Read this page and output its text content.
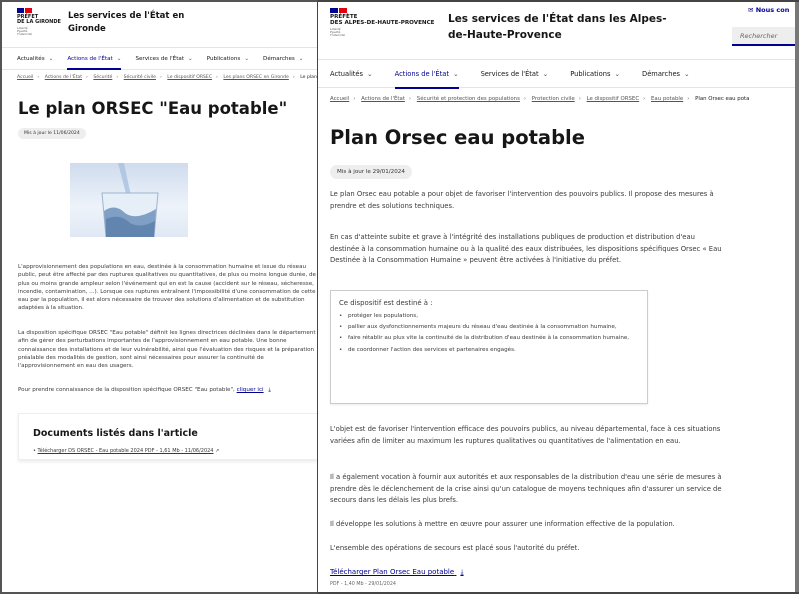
PRÉFET
DE LA GIRONDE
Liberté
Égalité
Fraternité
Les services de l'État en Gironde
Actualités ⌄	Actions de l'État ⌄	Services de l'État ⌄	Publications ⌄	Démarches ⌄
Accueil › Actions de l'État › Sécurité › Sécurité civile › Le dispositif ORSEC › Les plans ORSEC en Gironde › Le plan
Le plan ORSEC "Eau potable"
Mis à jour le 11/06/2024

L'approvisionnement des populations en eau, destinée à la consommation humaine et issue du réseau public, peut être affecté par des ruptures qualitatives ou quantitatives, de plus ou moins longue durée, de plus ou moins grande ampleur selon l'événement qui en est la cause (accident sur le réseau, sécheresse, incendie, contamination, ...). Lorsque ces ruptures entraînent l'impossibilité d'une consommation de cette eau par la population, il est alors nécessaire de trouver des solutions d'alimentation et de substitution adaptées à la situation.

La disposition spécifique ORSEC "Eau potable" définit les lignes directrices déclinées dans le département afin de gérer des perturbations importantes de l'approvisionnement en eau potable. Une bonne connaissance des installations et de leur vulnérabilité, ainsi que l'évaluation des risques et la préparation préalable des modalités de gestion, sont ainsi nécessaires pour assurer la continuité de l'approvisionnement en eau des usagers.

Pour prendre connaissance de la disposition spécifique ORSEC "Eau potable", cliquer ici ⤓

Documents listés dans l'article
• Télécharger DS ORSEC - Eau potable 2024 PDF - 1,61 Mb - 11/06/2024 ↗
PRÉFÈTE
DES ALPES-DE-HAUTE-PROVENCE
Liberté
Égalité
Fraternité
Les services de l'État dans les Alpes-de-Haute-Provence
✉ Nous con
Rechercher
Actualités ⌄	Actions de l'État ⌄	Services de l'État ⌄	Publications ⌄	Démarches ⌄
Accueil › Actions de l'État › Sécurité et protection des populations › Protection civile › Le dispositif ORSEC › Eau potable › Plan Orsec eau pota
Plan Orsec eau potable
Mis à jour le 29/01/2024

Le plan Orsec eau potable a pour objet de favoriser l'intervention des pouvoirs publics. Il propose des mesures à prendre et des solutions techniques.

En cas d'atteinte subite et grave à l'intégrité des installations publiques de production et distribution d'eau destinée à la consommation humaine ou à la qualité des eaux distribuées, les dispositions spécifiques Orsec « Eau Destinée à la Consommation Humaine » peuvent être activées à l'initiative du préfet.

Ce dispositif est destiné à :
• protéger les populations,
• pallier aux dysfonctionnements majeurs du réseau d'eau destinée à la consommation humaine,
• faire rétablir au plus vite la continuité de la distribution d'eau destinée à la consommation humaine,
• de coordonner l'action des services et partenaires engagés.

L'objet est de favoriser l'intervention efficace des pouvoirs publics, au niveau départemental, face à ces situations variées afin de limiter au maximum les ruptures qualitatives ou quantitatives de l'alimentation en eau.

Il a également vocation à fournir aux autorités et aux responsables de la distribution d'eau une série de mesures à prendre dès le déclenchement de la crise ainsi qu'un catalogue de moyens techniques afin d'assurer un service de secours dans les délais les plus brefs.

Il développe les solutions à mettre en œuvre pour assurer une information effective de la population.

L'ensemble des opérations de secours est placé sous l'autorité du préfet.

Télécharger Plan Orsec Eau potable ⤓
PDF - 1,40 Mb - 29/01/2024
